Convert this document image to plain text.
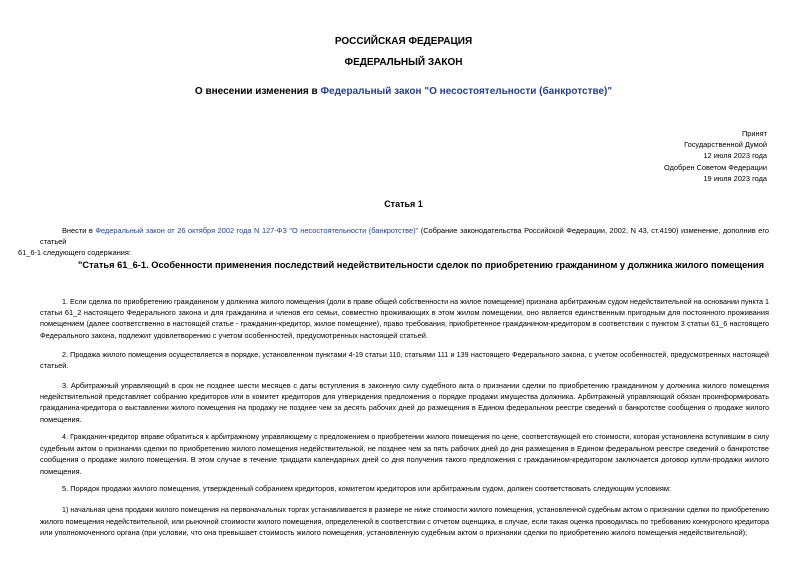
РОССИЙСКАЯ ФЕДЕРАЦИЯ
ФЕДЕРАЛЬНЫЙ ЗАКОН
О внесении изменения в Федеральный закон "О несостоятельности (банкротстве)"
Принят
Государственной Думой
12 июля 2023 года
Одобрен Советом Федерации
19 июля 2023 года
Статья 1
Внести в Федеральный закон от 26 октября 2002 года N 127-ФЗ "О несостоятельности (банкротстве)" (Собрание законодательства Российской Федерации, 2002, N 43, ст.4190) изменение, дополнив его статьей
61_6-1 следующего содержания:
"Статья 61_6-1. Особенности применения последствий недействительности сделок по приобретению гражданином у должника жилого помещения
1. Если сделка по приобретению гражданином у должника жилого помещения (доли в праве общей собственности на жилое помещение) признана арбитражным судом недействительной на основании пункта 1
статьи 61_2 настоящего Федерального закона и для гражданина и членов его семьи, совместно проживающих в этом жилом помещении, оно является единственным пригодным для постоянного проживания
помещением (далее соответственно в настоящей статье - гражданин-кредитор, жилое помещение), право требования, приобретенное гражданином-кредитором в соответствии с пунктом 3 статьи 61_6 настоящего
Федерального закона, подлежит удовлетворению с учетом особенностей, предусмотренных настоящей статьей.
2. Продажа жилого помещения осуществляется в порядке, установленном пунктами 4-19 статьи 110, статьями 111 и 139 настоящего Федерального закона, с учетом особенностей, предусмотренных настоящей
статьей.
3. Арбитражный управляющий в срок не позднее шести месяцев с даты вступления в законную силу судебного акта о признании сделки по приобретению гражданином у должника жилого помещения
недействительной представляет собранию кредиторов или в комитет кредиторов для утверждения предложения о порядке продажи имущества должника. Арбитражный управляющий обязан проинформировать
гражданина-кредитора о выставлении жилого помещения на продажу не позднее чем за десять рабочих дней до размещения в Едином федеральном реестре сведений о банкротстве сообщения о продаже жилого
помещения.
4. Гражданин-кредитор вправе обратиться к арбитражному управляющему с предложением о приобретении жилого помещения по цене, соответствующей его стоимости, которая установлена вступившим в силу
судебным актом о признании сделки по приобретению жилого помещения недействительной, не позднее чем за пять рабочих дней до дня размещения в Едином федеральном реестре сведений о банкротстве
сообщения о продаже жилого помещения. В этом случае в течение тридцати календарных дней со дня получения такого предложения с гражданином-кредитором заключается договор купли-продажи жилого
помещения.
5. Порядок продажи жилого помещения, утвержденный собранием кредиторов, комитетом кредиторов или арбитражным судом, должен соответствовать следующим условиям:
1) начальная цена продажи жилого помещения на первоначальных торгах устанавливается в размере не ниже стоимости жилого помещения, установленной судебным актом о признании сделки по приобретению
жилого помещения недействительной, или рыночной стоимости жилого помещения, определенной в соответствии с отчетом оценщика, в случае, если такая оценка проводилась по требованию конкурсного кредитора
или уполномоченного органа (при условии, что она превышает стоимость жилого помещения, установленную судебным актом о признании сделки по приобретению жилого помещения недействительной);
